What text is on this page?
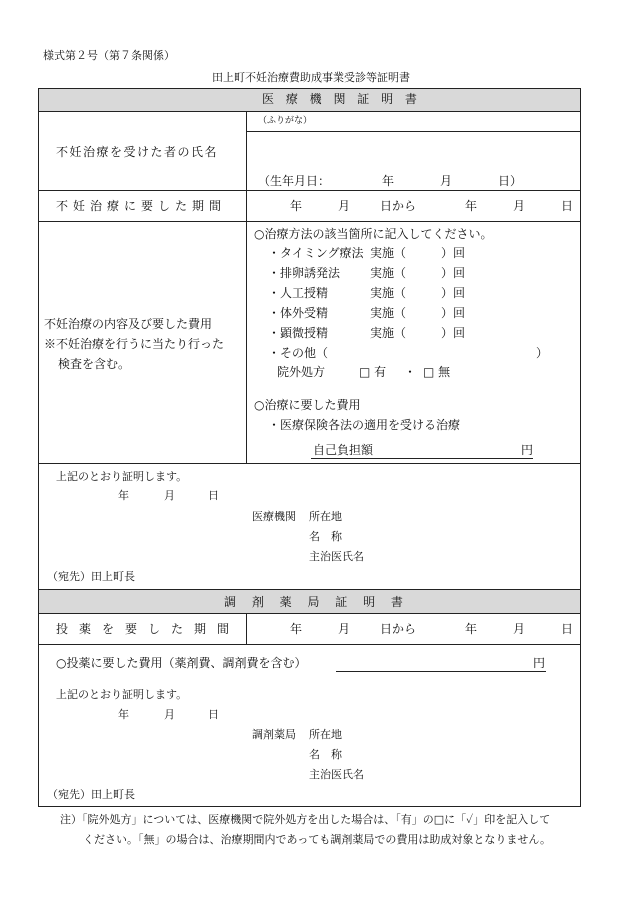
様式第２号（第７条関係）
田上町不妊治療費助成事業受診等証明書
医 療 機 関 証 明 書
（ふりがな）
不妊治療を受けた者の氏名
（生年月日：	年	月	日）
不妊治療に要した期間	年	月 日から	年	月	日
不妊治療の内容及び要した費用
※不妊治療を行うに当たり行った
検査を含む。
○治療方法の該当箇所に記入してください。
・タイミング療法 実施（	）回
・排卵誘発法 実施（	）回
・人工授精	実施（	）回
・体外受精	実施（	）回
・顕微授精	実施（	）回
・その他（	）
院外処方	□ 有 ・ □ 無
○治療に要した費用
・医療保険各法の適用を受ける治療
自己負担額	円
上記のとおり証明します。
年	月	日
医療機関 所在地
名　称
主治医氏名
（宛先）田上町長
調 剤 薬 局 証 明 書
投薬を要した期間	年	月 日から	年	月	日
○投薬に要した費用（薬剤費、調剤費を含む）	円
上記のとおり証明します。
年	月	日
調剤薬局 所在地
名　称
主治医氏名
（宛先）田上町長
注）「院外処方」については、医療機関で院外処方を出した場合は、「有」の□に「✓」印を記入して
ください。「無」の場合は、治療期間内であっても調剤薬局での費用は助成対象となりません。
